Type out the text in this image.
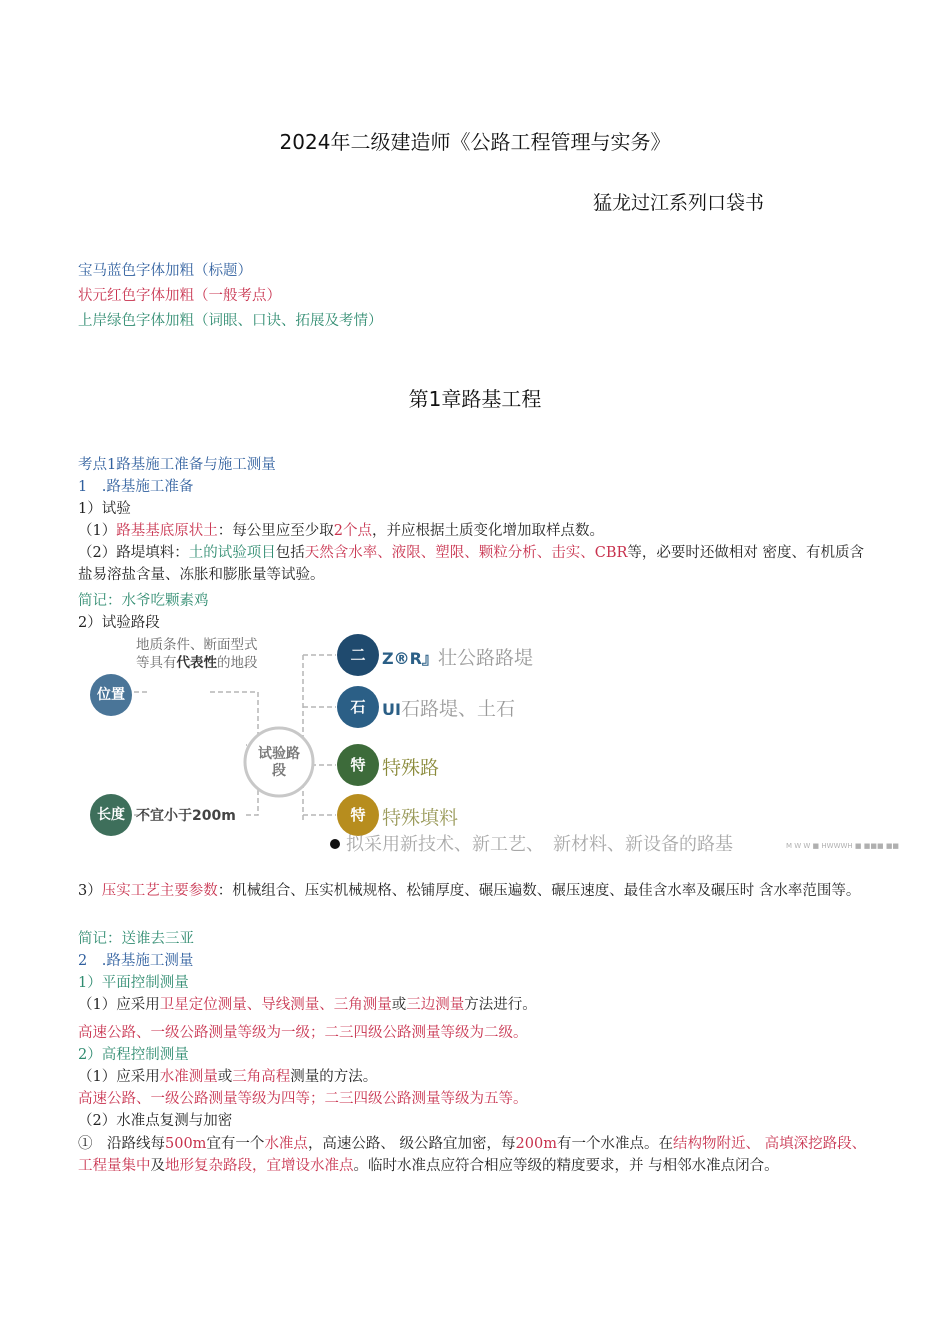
2024年二级建造师《公路工程管理与实务》
猛龙过江系列口袋书
宝马蓝色字体加粗（标题）
状元红色字体加粗（一般考点）
上岸绿色字体加粗（词眼、口诀、拓展及考情）
第1章路基工程
考点1路基施工准备与施工测量
1　.路基施工准备
1）试验
（1）路基基底原状土：每公里应至少取2个点，并应根据土质变化增加取样点数。
（2）路堤填料：土的试验项目包括天然含水率、液限、塑限、颗粒分析、击实、CBR等，必要时还做相对 密度、有机质含盐易溶盐含量、冻胀和膨胀量等试验。
简记：水爷吃颗素鸡
2）试验路段
位置
地质条件、断面型式等具有代表性的地段
长度 不宜小于200m
试验路段
二	Z®R』壮公路路堤
石	UI石路堤、土石
特 特殊路
特 特殊填料
拟采用新技术、新工艺、　新材料、新设备的路基	M W W ■ HWWWH ■ ■■■ ■■
3）压实工艺主要参数：机械组合、压实机械规格、松铺厚度、碾压遍数、碾压速度、最佳含水率及碾压时 含水率范围等。
简记：送谁去三亚
2　.路基施工测量
1）平面控制测量
（1）应采用卫星定位测量、导线测量、三角测量或三边测量方法进行。
高速公路、一级公路测量等级为一级；二三四级公路测量等级为二级。
2）高程控制测量
（1）应采用水准测量或三角高程测量的方法。
高速公路、一级公路测量等级为四等；二三四级公路测量等级为五等。
（2）水准点复测与加密
①　沿路线每500m宜有一个水准点，高速公路、 级公路宜加密，每200m有一个水准点。在结构物附近、 高填深挖路段、工程量集中及地形复杂路段，宜增设水准点。临时水准点应符合相应等级的精度要求，并 与相邻水准点闭合。
